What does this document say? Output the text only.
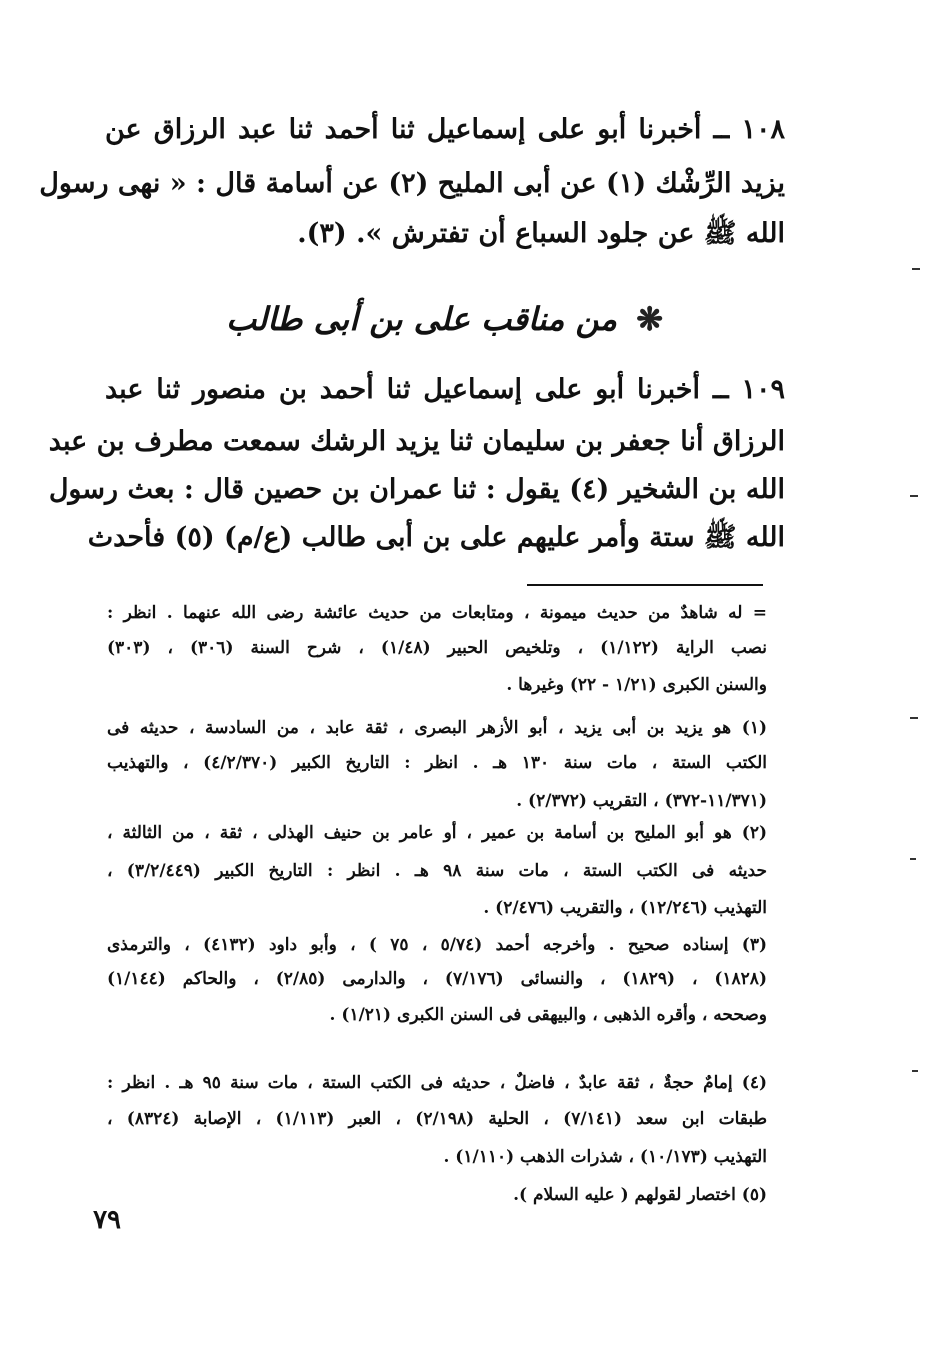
١٠٨ ــ أخبرنا أبو على إسماعيل ثنا أحمد ثنا عبد الرزاق عن
يزيد الرِّشْك (١) عن أبى المليح (٢) عن أسامة قال : « نهى رسول
الله ﷺ عن جلود السباع أن تفترش ». (٣).
❋ من مناقب على بن أبى طالب
١٠٩ ــ أخبرنا أبو على إسماعيل ثنا أحمد بن منصور ثنا عبد
الرزاق أنا جعفر بن سليمان ثنا يزيد الرشك سمعت مطرف بن عبد
الله بن الشخير (٤) يقول : ثنا عمران بن حصين قال : بعث رسول
الله ﷺ ستة وأمر عليهم على بن أبى طالب (ع/م) (٥) فأحدث
= له شاهدٌ من حديث ميمونة ، ومتابعات من حديث عائشة رضى الله عنهما . انظر :
نصب الراية (١/١٢٢) ، وتلخيص الحبير (١/٤٨) ، شرح السنة (٣٠٦) ، (٣٠٣)
والسنن الكبرى (١/٢١ - ٢٢) وغيرها .
(١) هو يزيد بن أبى يزيد ، أبو الأزهر البصرى ، ثقة عابد ، من السادسة ، حديثه فى
الكتب الستة ، مات سنة ١٣٠ هـ . انظر : التاريخ الكبير (٤/٢/٣٧٠) ، والتهذيب
(١١/٣٧١-٣٧٢) ، التقريب (٢/٣٧٢) .
(٢) هو أبو المليح بن أسامة بن عمير ، أو عامر بن حنيف الهذلى ، ثقة ، من الثالثة ،
حديثه فى الكتب الستة ، مات سنة ٩٨ هـ . انظر : التاريخ الكبير (٣/٢/٤٤٩) ،
التهذيب (١٢/٢٤٦) ، والتقريب (٢/٤٧٦) .
(٣) إسناده صحيح . وأخرجه أحمد (٥/٧٤ ، ٧٥ ) ، وأبو داود (٤١٣٢) ، والترمذى
(١٨٢٨) ، (١٨٢٩) ، والنسائى (٧/١٧٦) ، والدارمى (٢/٨٥) ، والحاكم (١/١٤٤)
وصححه ، وأقره الذهبى ، والبيهقى فى السنن الكبرى (١/٢١) .
(٤) إمامٌ حجةٌ ، ثقة عابدٌ ، فاضلٌ ، حديثه فى الكتب الستة ، مات سنة ٩٥ هـ . انظر :
طبقات ابن سعد (٧/١٤١) ، الحلية (٢/١٩٨) ، العبر (١/١١٣) ، الإصابة (٨٣٢٤) ،
التهذيب (١٠/١٧٣) ، شذرات الذهب (١/١١٠) .
(٥) اختصار لقولهم ( عليه السلام ).
٧٩
